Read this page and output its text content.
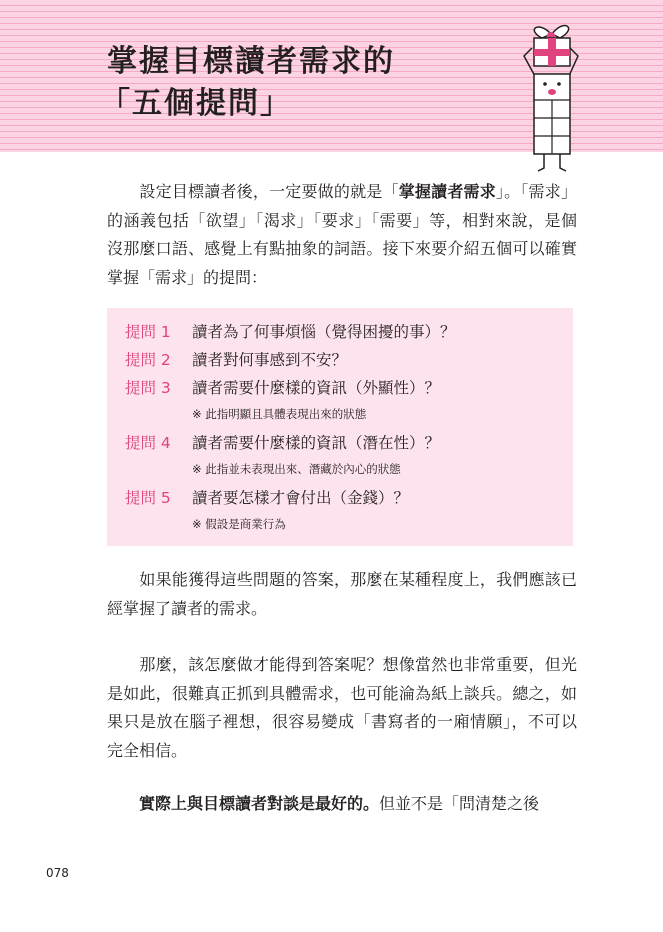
掌握目標讀者需求的
「五個提問」

　　設定目標讀者後，一定要做的就是「掌握讀者需求」。「需求」的涵義包括「欲望」「渴求」「要求」「需要」等，相對來說，是個沒那麼口語、感覺上有點抽象的詞語。接下來要介紹五個可以確實掌握「需求」的提問：

提問 1 讀者為了何事煩惱（覺得困擾的事）？
提問 2 讀者對何事感到不安？
提問 3 讀者需要什麼樣的資訊（外顯性）？
※ 此指明顯且具體表現出來的狀態
提問 4 讀者需要什麼樣的資訊（潛在性）？
※ 此指並未表現出來、潛藏於內心的狀態
提問 5 讀者要怎樣才會付出（金錢）？
※ 假設是商業行為

　　如果能獲得這些問題的答案，那麼在某種程度上，我們應該已經掌握了讀者的需求。

　　那麼，該怎麼做才能得到答案呢？想像當然也非常重要，但光是如此，很難真正抓到具體需求，也可能淪為紙上談兵。總之，如果只是放在腦子裡想，很容易變成「書寫者的一廂情願」，不可以完全相信。

　　實際上與目標讀者對談是最好的。但並不是「問清楚之後

078
